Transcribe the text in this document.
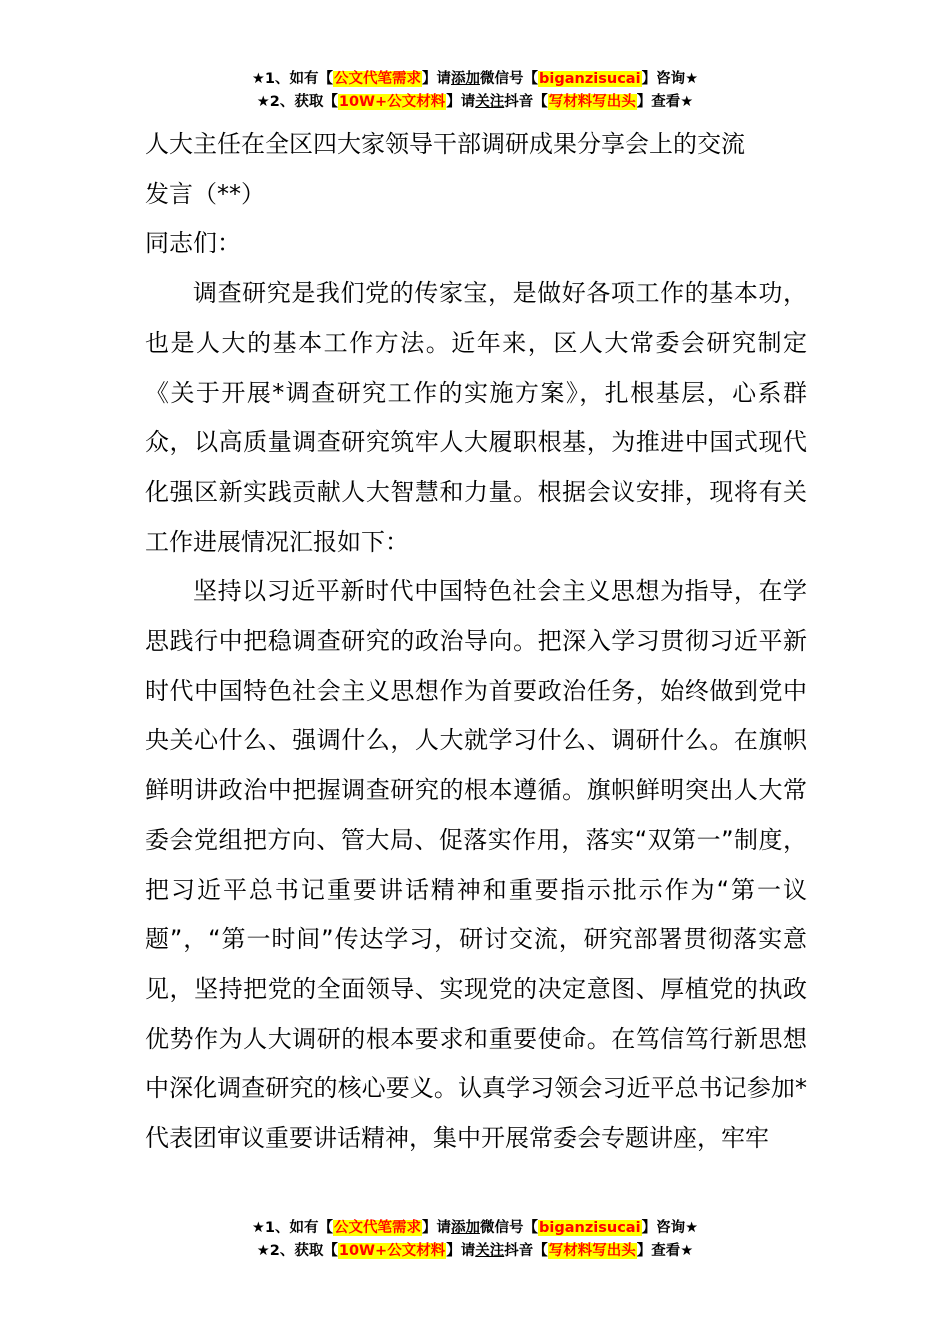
★1、如有【公文代笔需求】请添加微信号【biganzisucai】咨询★
★2、获取【10W+公文材料】请关注抖音【写材料写出头】查看★

人大主任在全区四大家领导干部调研成果分享会上的交流

发言（**）

同志们：

调查研究是我们党的传家宝，是做好各项工作的基本功，也是人大的基本工作方法。近年来，区人大常委会研究制定《关于开展*调查研究工作的实施方案》，扎根基层，心系群众，以高质量调查研究筑牢人大履职根基，为推进中国式现代化强区新实践贡献人大智慧和力量。根据会议安排，现将有关工作进展情况汇报如下：

坚持以习近平新时代中国特色社会主义思想为指导，在学思践行中把稳调查研究的政治导向。把深入学习贯彻习近平新时代中国特色社会主义思想作为首要政治任务，始终做到党中央关心什么、强调什么，人大就学习什么、调研什么。在旗帜鲜明讲政治中把握调查研究的根本遵循。旗帜鲜明突出人大常委会党组把方向、管大局、促落实作用，落实“双第一”制度，把习近平总书记重要讲话精神和重要指示批示作为“第一议题”，“第一时间”传达学习，研讨交流，研究部署贯彻落实意见，坚持把党的全面领导、实现党的决定意图、厚植党的执政优势作为人大调研的根本要求和重要使命。在笃信笃行新思想中深化调查研究的核心要义。认真学习领会习近平总书记参加*代表团审议重要讲话精神，集中开展常委会专题讲座，牢牢

★1、如有【公文代笔需求】请添加微信号【biganzisucai】咨询★
★2、获取【10W+公文材料】请关注抖音【写材料写出头】查看★
